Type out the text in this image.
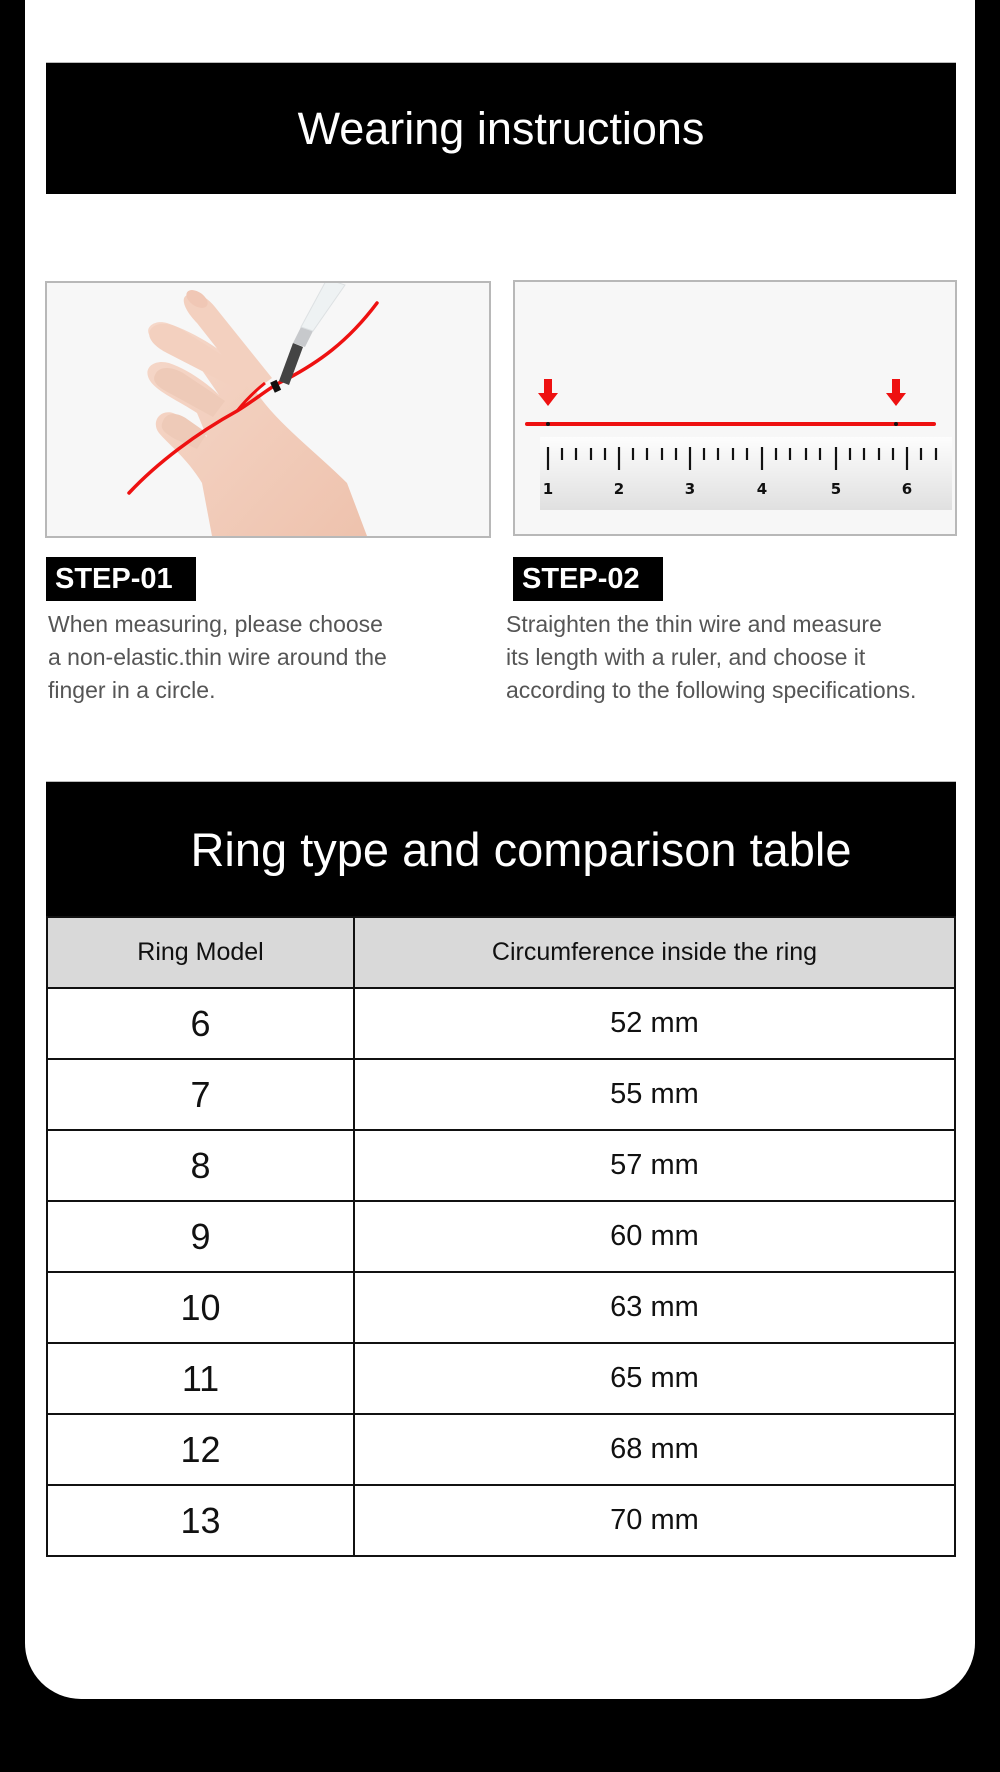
Wearing instructions
1	2	3	4	5	6
STEP-01	STEP-02
When measuring, please choose
a non-elastic.thin wire around the
finger in a circle.
Straighten the thin wire and measure
its length with a ruler, and choose it
according to the following specifications.
Ring type and comparison table
Ring Model	Circumference inside the ring
6	52 mm
7	55 mm
8	57 mm
9	60 mm
10	63 mm
11	65 mm
12	68 mm
13	70 mm
